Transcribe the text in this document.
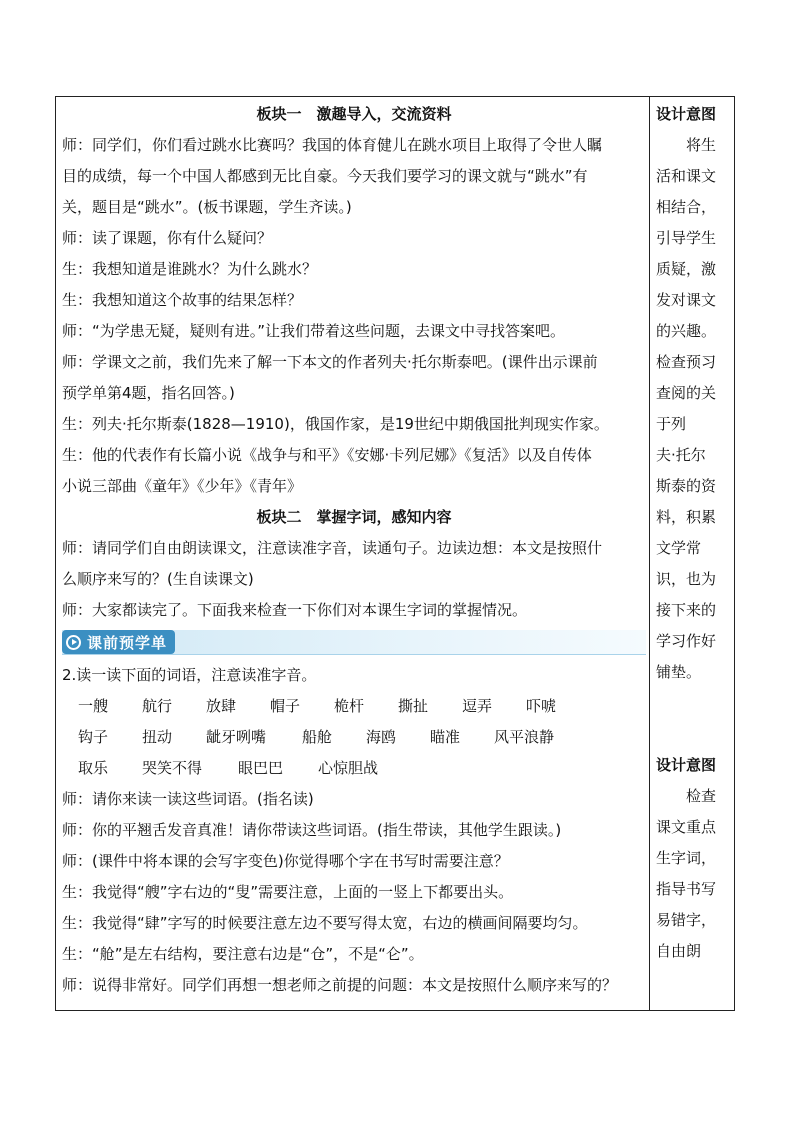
板块一　激趣导入，交流资料
师：同学们，你们看过跳水比赛吗？我国的体育健儿在跳水项目上取得了令世人瞩
目的成绩，每一个中国人都感到无比自豪。今天我们要学习的课文就与“跳水”有
关，题目是“跳水”。(板书课题，学生齐读。)
师：读了课题，你有什么疑问？
生：我想知道是谁跳水？为什么跳水？
生：我想知道这个故事的结果怎样？
师：“为学患无疑，疑则有进。”让我们带着这些问题，去课文中寻找答案吧。
师：学课文之前，我们先来了解一下本文的作者列夫·托尔斯泰吧。(课件出示课前
预学单第4题，指名回答。)
生：列夫·托尔斯泰(1828—1910)，俄国作家，是19世纪中期俄国批判现实作家。
生：他的代表作有长篇小说《战争与和平》《安娜·卡列尼娜》《复活》以及自传体
小说三部曲《童年》《少年》《青年》
板块二　掌握字词，感知内容
师：请同学们自由朗读课文，注意读准字音，读通句子。边读边想：本文是按照什
么顺序来写的？(生自读课文)
师：大家都读完了。下面我来检查一下你们对本课生字词的掌握情况。
课前预学单
2.读一读下面的词语，注意读准字音。
一艘 航行 放肆 帽子 桅杆 撕扯 逗弄 吓唬
钩子 扭动 龇牙咧嘴 船舱 海鸥 瞄准 风平浪静
取乐 哭笑不得 眼巴巴 心惊胆战
师：请你来读一读这些词语。(指名读)
师：你的平翘舌发音真准！请你带读这些词语。(指生带读，其他学生跟读。)
师：(课件中将本课的会写字变色)你觉得哪个字在书写时需要注意？
生：我觉得“艘”字右边的“叟”需要注意，上面的一竖上下都要出头。
生：我觉得“肆”字写的时候要注意左边不要写得太宽，右边的横画间隔要均匀。
生：“舱”是左右结构，要注意右边是“仓”，不是“仑”。
师：说得非常好。同学们再想一想老师之前提的问题：本文是按照什么顺序来写的？
设计意图
将生
活和课文
相结合，
引导学生
质疑，激
发对课文
的兴趣。
检查预习
查阅的关
于列
夫·托尔
斯泰的资
料，积累
文学常
识，也为
接下来的
学习作好
铺垫。
设计意图
检查
课文重点
生字词，
指导书写
易错字，
自由朗
